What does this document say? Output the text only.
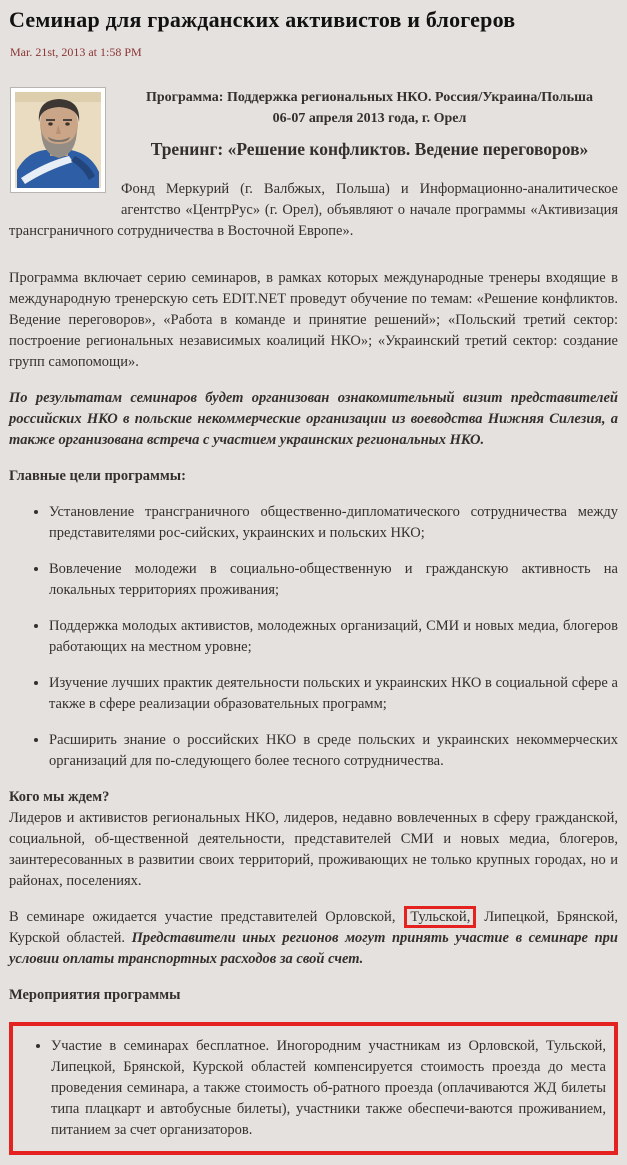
Семинар для гражданских активистов и блогеров
Mar. 21st, 2013 at 1:58 PM
Программа: Поддержка региональных НКО. Россия/Украина/Польша
06-07 апреля 2013 года, г. Орел
Тренинг: «Решение конфликтов. Ведение переговоров»

Фонд Меркурий (г. Валбжых, Польша) и Информационно-аналитическое агентство «ЦентрРус» (г. Орел), объявляют о начале программы «Активизация трансграничного сотрудничества в Восточной Европе».

Программа включает серию семинаров, в рамках которых международные тренеры входящие в международную тренерскую сеть EDIT.NET проведут обучение по темам: «Решение конфликтов. Ведение переговоров», «Работа в команде и принятие решений»; «Польский третий сектор: построение региональных независимых коалиций НКО»; «Украинский третий сектор: создание групп самопомощи».

По результатам семинаров будет организован ознакомительный визит представителей российских НКО в польские некоммерческие организации из воеводства Нижняя Силезия, а также организована встреча с участием украинских региональных НКО.

Главные цели программы:

• Установление трансграничного общественно-дипломатического сотрудничества между представителями рос-сийских, украинских и польских НКО;
• Вовлечение молодежи в социально-общественную и гражданскую активность на локальных территориях проживания;
• Поддержка молодых активистов, молодежных организаций, СМИ и новых медиа, блогеров работающих на местном уровне;
• Изучение лучших практик деятельности польских и украинских НКО в социальной сфере а также в сфере реализации образовательных программ;
• Расширить знание о российских НКО в среде польских и украинских некоммерческих организаций для по-следующего более тесного сотрудничества.

Кого мы ждем?
Лидеров и активистов региональных НКО, лидеров, недавно вовлеченных в сферу гражданской, социальной, об-щественной деятельности, представителей СМИ и новых медиа, блогеров, заинтересованных в развитии своих территорий, проживающих не только крупных городах, но и районах, поселениях.

В семинаре ожидается участие представителей Орловской, Тульской, Липецкой, Брянской, Курской областей. Представители иных регионов могут принять участие в семинаре при условии оплаты транспортных расходов за свой счет.

Мероприятия программы

• Участие в семинарах бесплатное. Иногородним участникам из Орловской, Тульской, Липецкой, Брянской, Курской областей компенсируется стоимость проезда до места проведения семинара, а также стоимость об-ратного проезда (оплачиваются ЖД билеты типа плацкарт и автобусные билеты), участники также обеспечи-ваются проживанием, питанием за счет организаторов.
